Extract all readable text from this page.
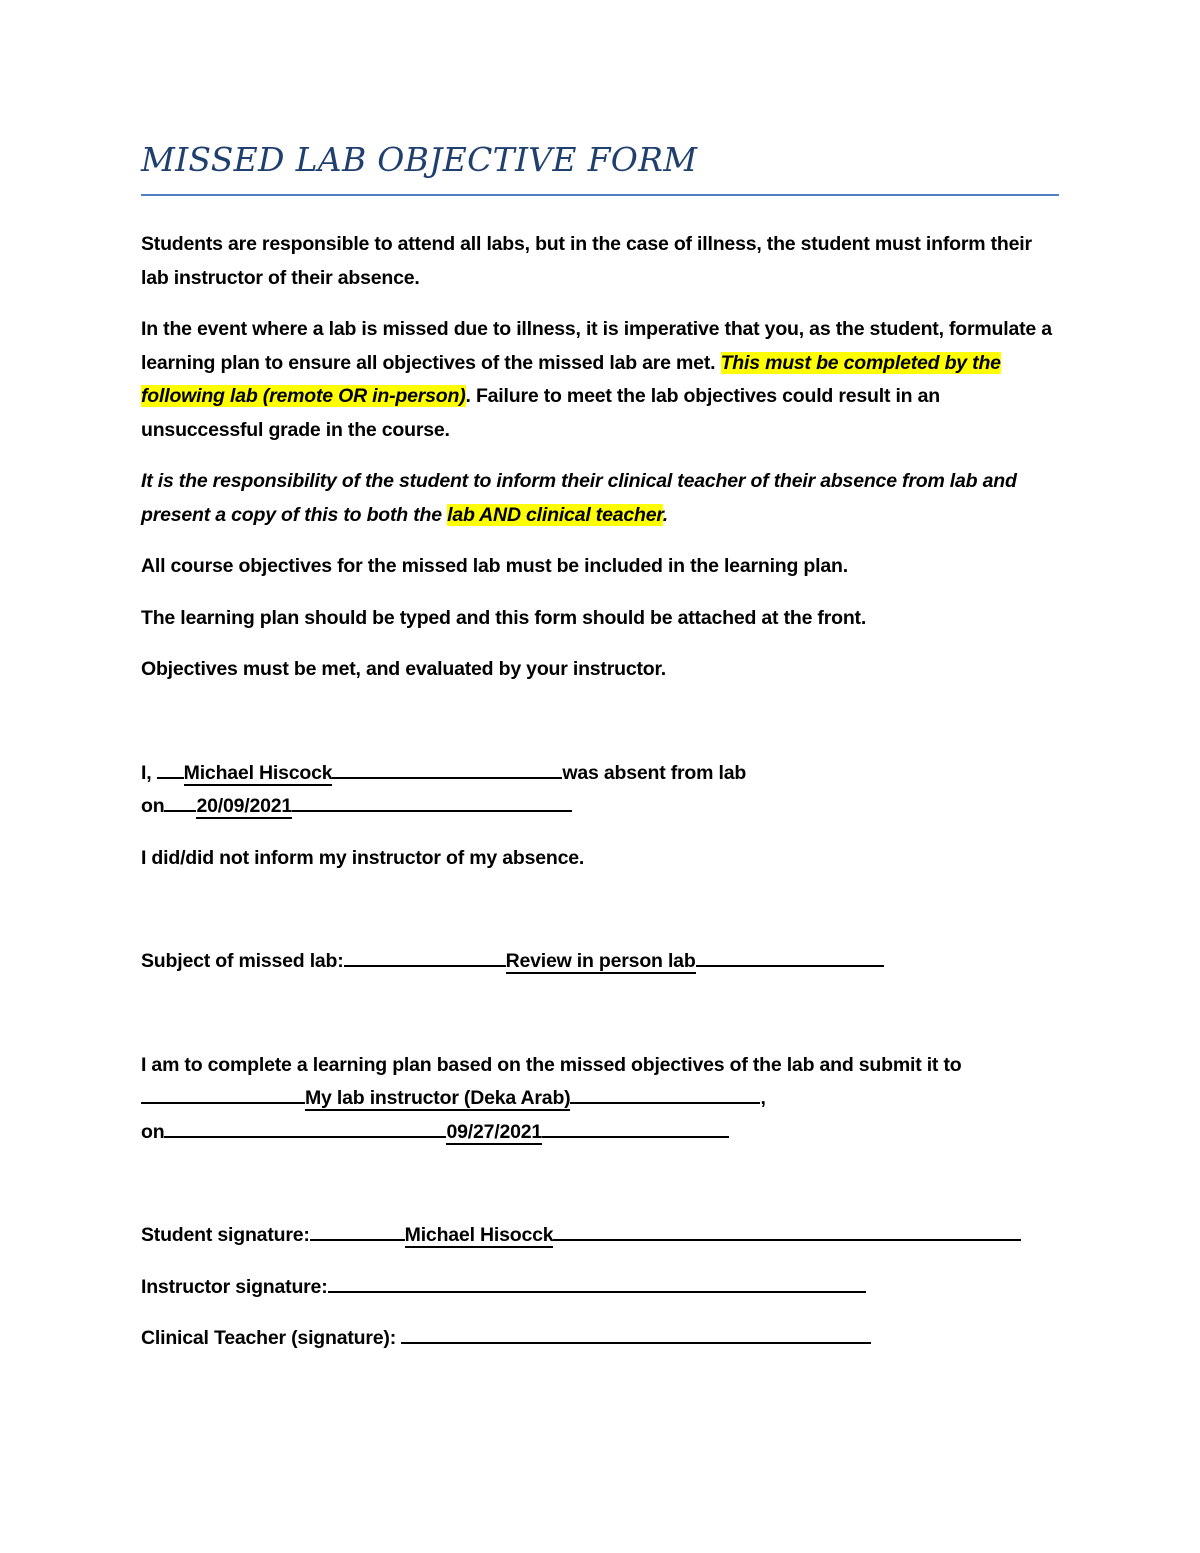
MISSED LAB OBJECTIVE FORM

Students are responsible to attend all labs, but in the case of illness, the student must inform their lab instructor of their absence.

In the event where a lab is missed due to illness, it is imperative that you, as the student, formulate a learning plan to ensure all objectives of the missed lab are met. This must be completed by the following lab (remote OR in-person). Failure to meet the lab objectives could result in an unsuccessful grade in the course.

It is the responsibility of the student to inform their clinical teacher of their absence from lab and present a copy of this to both the lab AND clinical teacher.

All course objectives for the missed lab must be included in the learning plan.

The learning plan should be typed and this form should be attached at the front.

Objectives must be met, and evaluated by your instructor.

I, Michael Hiscock	was absent from lab

on 20/09/2021

I did/did not inform my instructor of my absence.

Subject of missed lab:	Review in person lab

I am to complete a learning plan based on the missed objectives of the lab and submit it to

My lab instructor (Deka Arab)	,

on	09/27/2021

Student signature:	Michael Hisocck

Instructor signature:

Clinical Teacher (signature):
